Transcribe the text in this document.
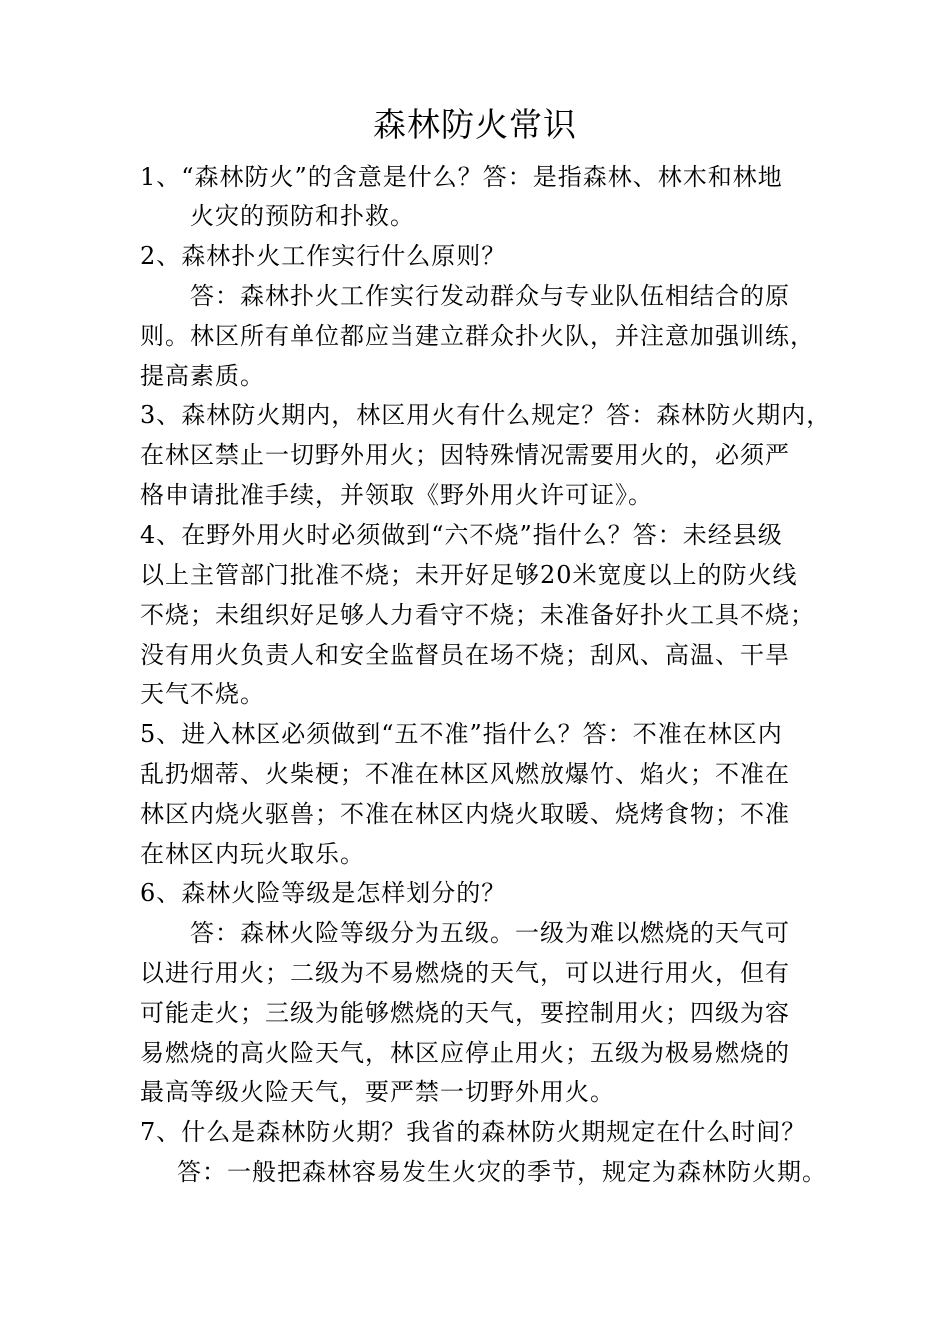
森林防火常识
1、“森林防火”的含意是什么？答：是指森林、林木和林地
火灾的预防和扑救。
2、森林扑火工作实行什么原则？
答：森林扑火工作实行发动群众与专业队伍相结合的原
则。林区所有单位都应当建立群众扑火队，并注意加强训练，
提高素质。
3、森林防火期内，林区用火有什么规定？答：森林防火期内，
在林区禁止一切野外用火；因特殊情况需要用火的，必须严
格申请批准手续，并领取《野外用火许可证》。
4、在野外用火时必须做到“六不烧”指什么？答：未经县级
以上主管部门批准不烧；未开好足够20米宽度以上的防火线
不烧；未组织好足够人力看守不烧；未准备好扑火工具不烧；
没有用火负责人和安全监督员在场不烧；刮风、高温、干旱
天气不烧。
5、进入林区必须做到“五不准”指什么？答：不准在林区内
乱扔烟蒂、火柴梗；不准在林区风燃放爆竹、焰火；不准在
林区内烧火驱兽；不准在林区内烧火取暖、烧烤食物；不准
在林区内玩火取乐。
6、森林火险等级是怎样划分的？
答：森林火险等级分为五级。一级为难以燃烧的天气可
以进行用火；二级为不易燃烧的天气，可以进行用火，但有
可能走火；三级为能够燃烧的天气，要控制用火；四级为容
易燃烧的高火险天气，林区应停止用火；五级为极易燃烧的
最高等级火险天气，要严禁一切野外用火。
7、什么是森林防火期？我省的森林防火期规定在什么时间？
答：一般把森林容易发生火灾的季节，规定为森林防火期。
